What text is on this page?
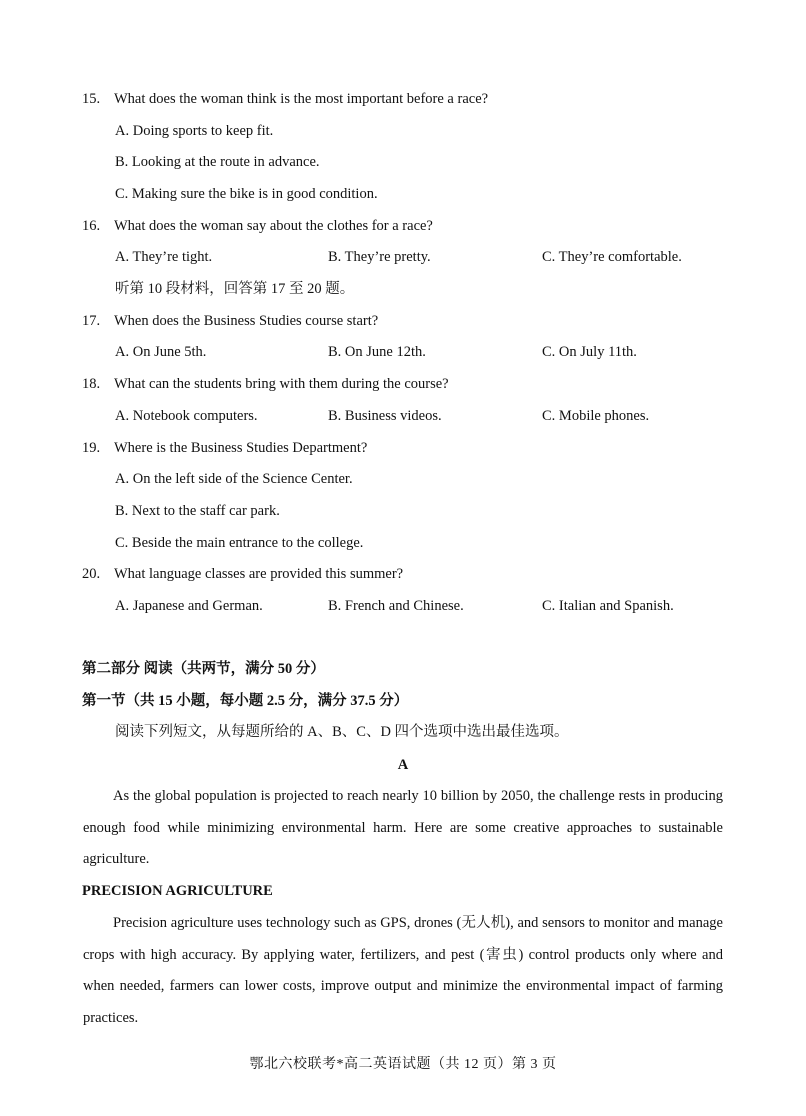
15. What does the woman think is the most important before a race?
A. Doing sports to keep fit.
B. Looking at the route in advance.
C. Making sure the bike is in good condition.
16. What does the woman say about the clothes for a race?
A. They’re tight.	B. They’re pretty.	C. They’re comfortable.
听第 10 段材料，回答第 17 至 20 题。
17. When does the Business Studies course start?
A. On June 5th.	B. On June 12th.	C. On July 11th.
18. What can the students bring with them during the course?
A. Notebook computers.	B. Business videos.	C. Mobile phones.
19. Where is the Business Studies Department?
A. On the left side of the Science Center.
B. Next to the staff car park.
C. Beside the main entrance to the college.
20. What language classes are provided this summer?
A. Japanese and German.	B. French and Chinese.	C. Italian and Spanish.
第二部分 阅读（共两节，满分 50 分）
第一节（共 15 小题，每小题 2.5 分，满分 37.5 分）
阅读下列短文，从每题所给的 A、B、C、D 四个选项中选出最佳选项。
A
As the global population is projected to reach nearly 10 billion by 2050, the challenge rests in producing enough food while minimizing environmental harm. Here are some creative approaches to sustainable agriculture.
PRECISION AGRICULTURE
Precision agriculture uses technology such as GPS, drones (无人机), and sensors to monitor and manage crops with high accuracy. By applying water, fertilizers, and pest (害虫) control products only where and when needed, farmers can lower costs, improve output and minimize the environmental impact of farming practices.
鄂北六校联考*高二英语试题（共 12 页）第 3 页
